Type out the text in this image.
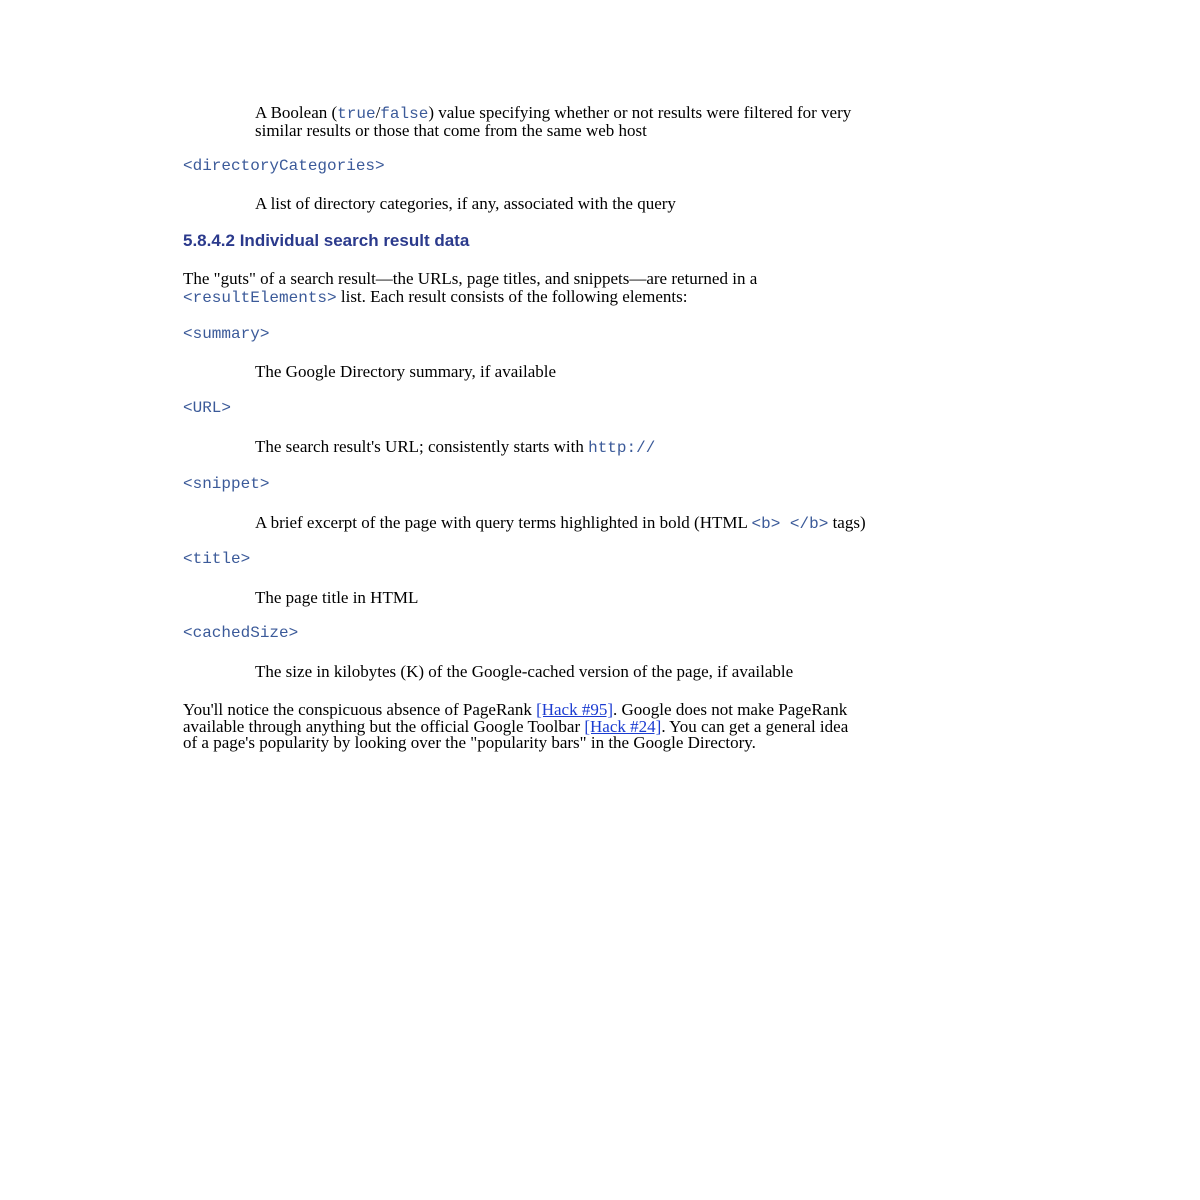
A Boolean (true/false) value specifying whether or not results were filtered for very

similar results or those that come from the same web host

<directoryCategories>

A list of directory categories, if any, associated with the query

5.8.4.2 Individual search result data

The "guts" of a search result—the URLs, page titles, and snippets—are returned in a

<resultElements> list. Each result consists of the following elements:

<summary>

The Google Directory summary, if available

<URL>

The search result's URL; consistently starts with http://

<snippet>

A brief excerpt of the page with query terms highlighted in bold (HTML <b> </b> tags)

<title>

The page title in HTML

<cachedSize>

The size in kilobytes (K) of the Google-cached version of the page, if available

You'll notice the conspicuous absence of PageRank [Hack #95]. Google does not make PageRank

available through anything but the official Google Toolbar [Hack #24]. You can get a general idea

of a page's popularity by looking over the "popularity bars" in the Google Directory.
